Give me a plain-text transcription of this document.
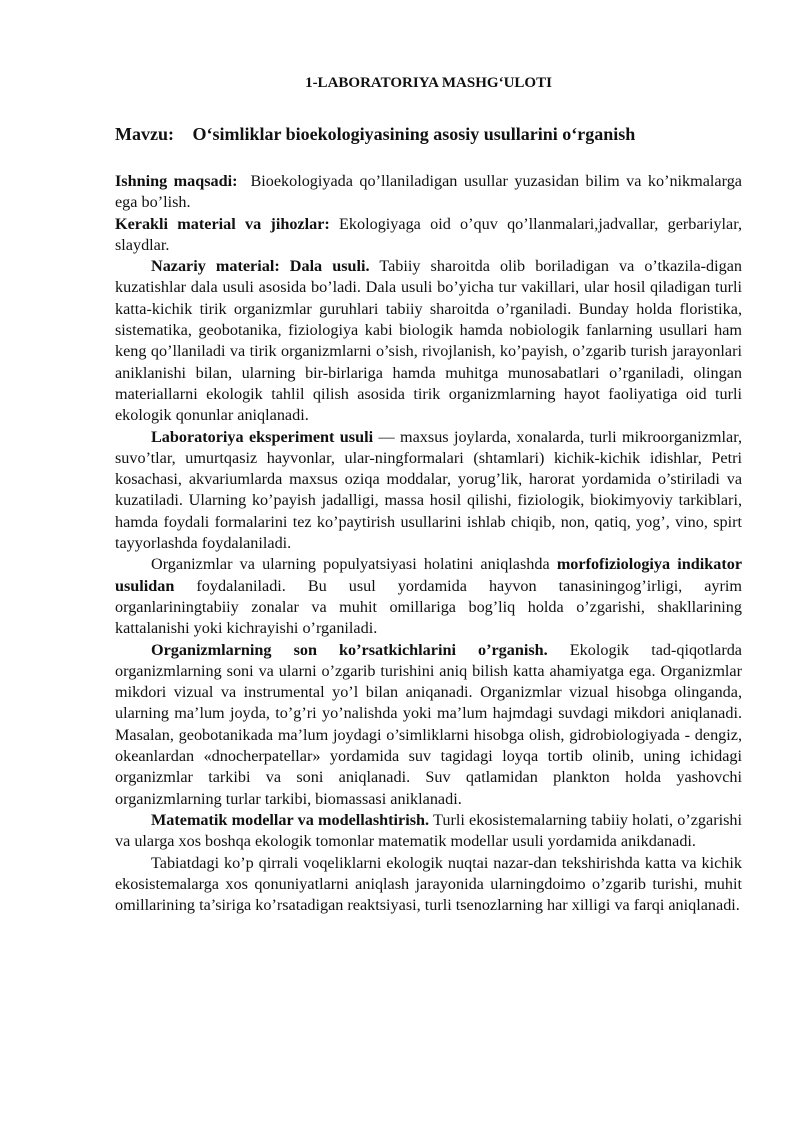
1-LABORATORIYA MASHG‘ULOTI
Mavzu: O‘simliklar bioekologiyasining asosiy usullarini o‘rganish

Ishning maqsadi: Bioekologiyada qo’llaniladigan usullar yuzasidan bilim va ko’nikmalarga ega bo’lish.

Kerakli material va jihozlar: Ekologiyaga oid o’quv qo’llanmalari,jadvallar, gerbariylar, slaydlar.

Nazariy material: Dala usuli. Tabiiy sharoitda olib boriladigan va o’tkazila-digan kuzatishlar dala usuli asosida bo’ladi. Dala usuli bo’yicha tur vakillari, ular hosil qiladigan turli katta-kichik tirik organizmlar guruhlari tabiiy sharoitda o’rganiladi. Bunday holda floristika, sistematika, geobotanika, fiziologiya kabi biologik hamda nobiologik fanlarning usullari ham keng qo’llaniladi va tirik organizmlarni o’sish, rivojlanish, ko’payish, o’zgarib turish jarayonlari aniklanishi bilan, ularning bir-birlariga hamda muhitga munosabatlari o’rganiladi, olingan materiallarni ekologik tahlil qilish asosida tirik organizmlarning hayot faoliyatiga oid turli ekologik qonunlar aniqlanadi.

Laboratoriya eksperiment usuli — maxsus joylarda, xonalarda, turli mikroorganizmlar, suvo’tlar, umurtqasiz hayvonlar, ular-ningformalari (shtamlari) kichik-kichik idishlar, Petri kosachasi, akvariumlarda maxsus oziqa moddalar, yorug’lik, harorat yordamida o’stiriladi va kuzatiladi. Ularning ko’payish jadalligi, massa hosil qilishi, fiziologik, biokimyoviy tarkiblari, hamda foydali formalarini tez ko’paytirish usullarini ishlab chiqib, non, qatiq, yog’, vino, spirt tayyorlashda foydalaniladi.

Organizmlar va ularning populyatsiyasi holatini aniqlashda morfofiziologiya indikator usulidan foydalaniladi. Bu usul yordamida hayvon tanasiningog’irligi, ayrim organlariningtabiiy zonalar va muhit omillariga bog’liq holda o’zgarishi, shakllarining kattalanishi yoki kichrayishi o’rganiladi.

Organizmlarning son ko’rsatkichlarini o’rganish. Ekologik tad-qiqotlarda organizmlarning soni va ularni o’zgarib turishini aniq bilish katta ahamiyatga ega. Organizmlar mikdori vizual va instrumental yo’l bilan aniqanadi. Organizmlar vizual hisobga olinganda, ularning ma’lum joyda, to’g’ri yo’nalishda yoki ma’lum hajmdagi suvdagi mikdori aniqlanadi. Masalan, geobotanikada ma’lum joydagi o’simliklarni hisobga olish, gidrobiologiyada - dengiz, okeanlardan «dnocherpatellar» yordamida suv tagidagi loyqa tortib olinib, uning ichidagi organizmlar tarkibi va soni aniqlanadi. Suv qatlamidan plankton holda yashovchi organizmlarning turlar tarkibi, biomassasi aniklanadi.

Matematik modellar va modellashtirish. Turli ekosistemalarning tabiiy holati, o’zgarishi va ularga xos boshqa ekologik tomonlar matematik modellar usuli yordamida anikdanadi.

Tabiatdagi ko’p qirrali voqeliklarni ekologik nuqtai nazar-dan tekshirishda katta va kichik ekosistemalarga xos qonuniyatlarni aniqlash jarayonida ularningdoimo o’zgarib turishi, muhit omillarining ta’siriga ko’rsatadigan reaktsiyasi, turli tsenozlarning har xilligi va farqi aniqlanadi.
